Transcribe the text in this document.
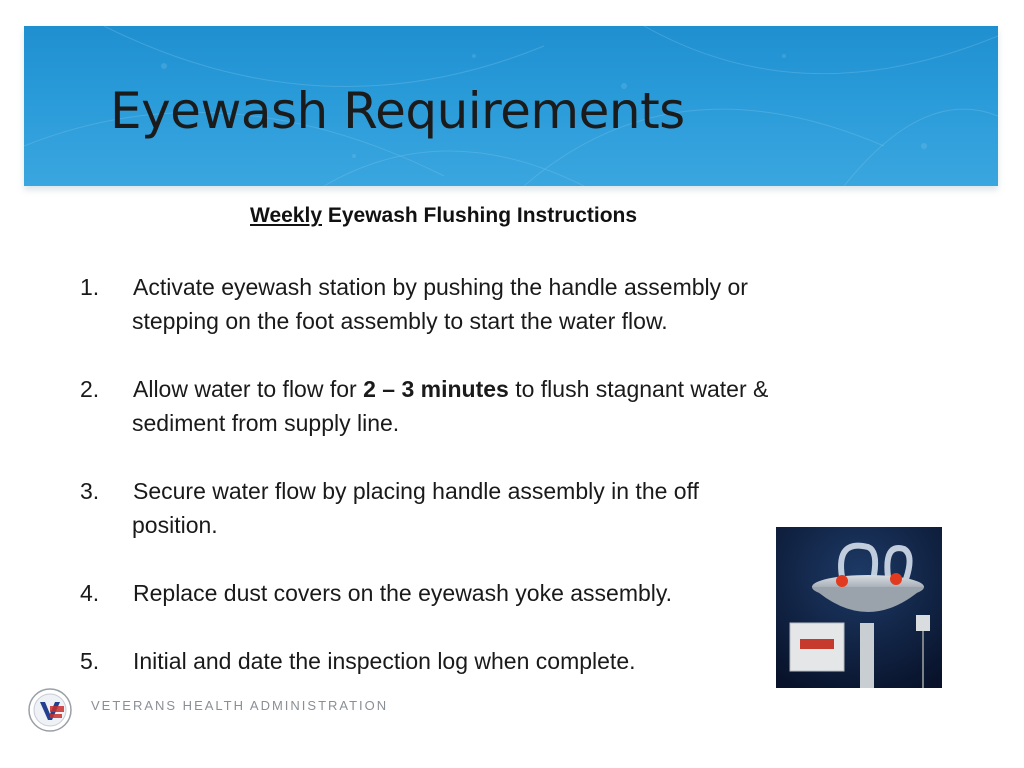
Eyewash Requirements
Weekly Eyewash Flushing Instructions
1. Activate eyewash station by pushing the handle assembly or
stepping on the foot assembly to start the water flow.
2. Allow water to flow for 2 – 3 minutes to flush stagnant water &
sediment from supply line.
3. Secure water flow by placing handle assembly in the off
position.
4. Replace dust covers on the eyewash yoke assembly.
5. Initial and date the inspection log when complete.
VETERANS HEALTH ADMINISTRATION
